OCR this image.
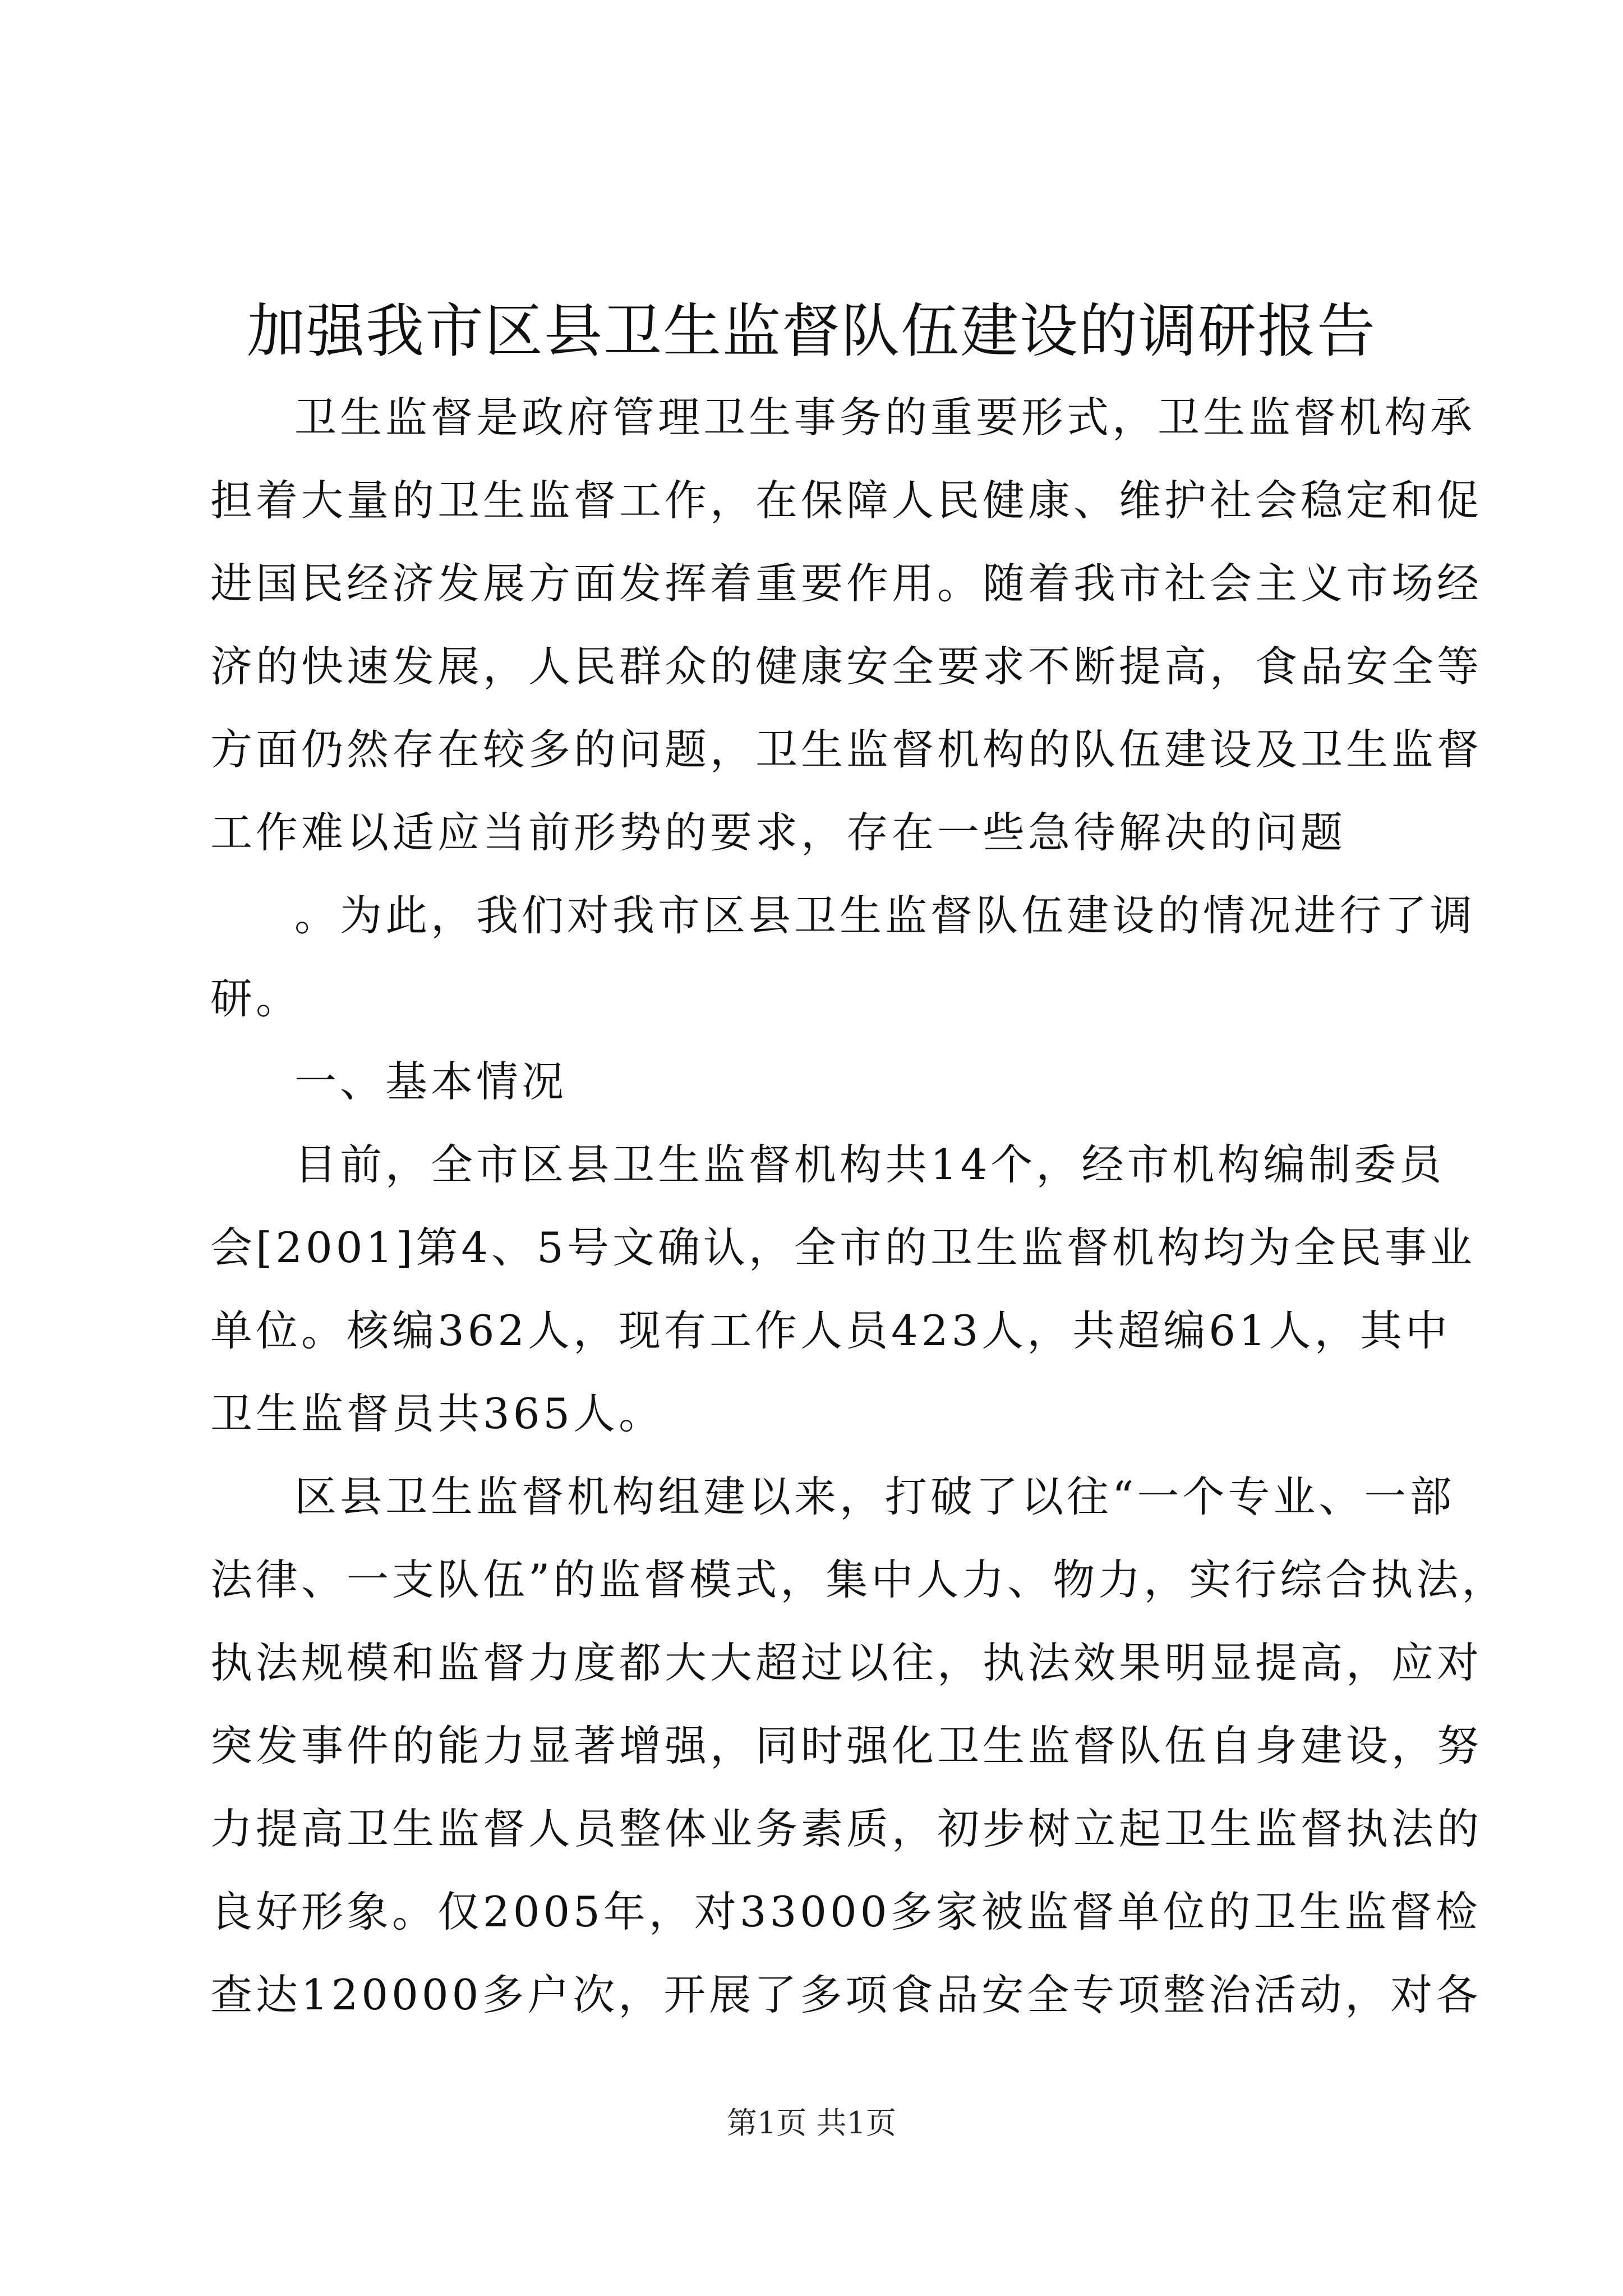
加强我市区县卫生监督队伍建设的调研报告
卫生监督是政府管理卫生事务的重要形式，卫生监督机构承
担着大量的卫生监督工作，在保障人民健康、维护社会稳定和促
进国民经济发展方面发挥着重要作用。随着我市社会主义市场经
济的快速发展，人民群众的健康安全要求不断提高，食品安全等
方面仍然存在较多的问题，卫生监督机构的队伍建设及卫生监督
工作难以适应当前形势的要求，存在一些急待解决的问题
。为此，我们对我市区县卫生监督队伍建设的情况进行了调
研。
一、基本情况
目前，全市区县卫生监督机构共14个，经市机构编制委员
会[2001]第4、5号文确认，全市的卫生监督机构均为全民事业
单位。核编362人，现有工作人员423人，共超编61人，其中
卫生监督员共365人。
区县卫生监督机构组建以来，打破了以往“一个专业、一部
法律、一支队伍”的监督模式，集中人力、物力，实行综合执法，
执法规模和监督力度都大大超过以往，执法效果明显提高，应对
突发事件的能力显著增强，同时强化卫生监督队伍自身建设，努
力提高卫生监督人员整体业务素质，初步树立起卫生监督执法的
良好形象。仅2005年，对33000多家被监督单位的卫生监督检
查达120000多户次，开展了多项食品安全专项整治活动，对各
第1页 共1页
